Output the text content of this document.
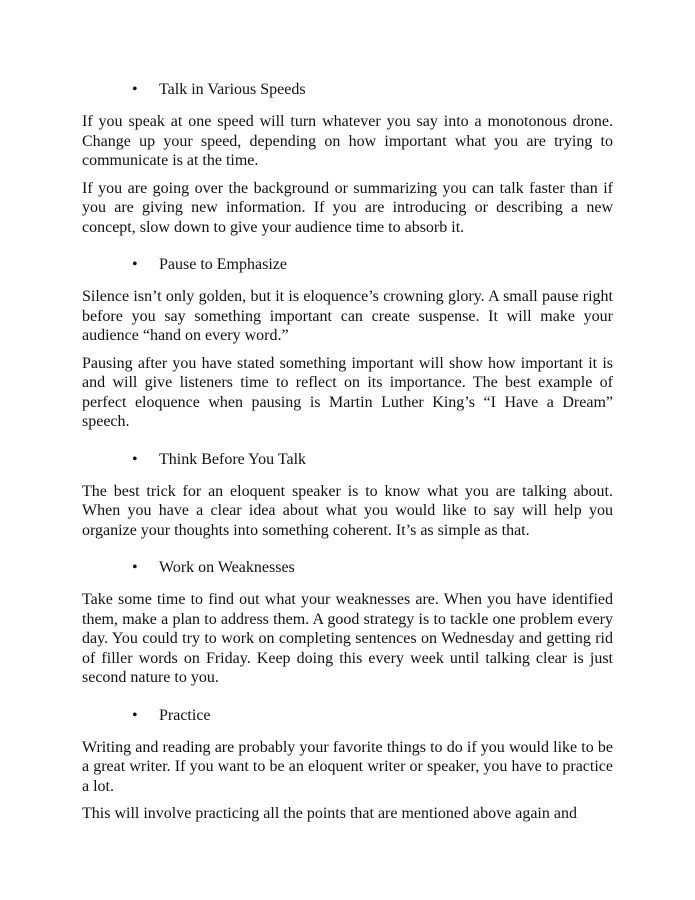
• Talk in Various Speeds

If you speak at one speed will turn whatever you say into a monotonous drone. Change up your speed, depending on how important what you are trying to communicate is at the time.

If you are going over the background or summarizing you can talk faster than if you are giving new information. If you are introducing or describing a new concept, slow down to give your audience time to absorb it.

• Pause to Emphasize

Silence isn’t only golden, but it is eloquence’s crowning glory. A small pause right before you say something important can create suspense. It will make your audience “hand on every word.”

Pausing after you have stated something important will show how important it is and will give listeners time to reflect on its importance. The best example of perfect eloquence when pausing is Martin Luther King’s “I Have a Dream” speech.

• Think Before You Talk

The best trick for an eloquent speaker is to know what you are talking about. When you have a clear idea about what you would like to say will help you organize your thoughts into something coherent. It’s as simple as that.

• Work on Weaknesses

Take some time to find out what your weaknesses are. When you have identified them, make a plan to address them. A good strategy is to tackle one problem every day. You could try to work on completing sentences on Wednesday and getting rid of filler words on Friday. Keep doing this every week until talking clear is just second nature to you.

• Practice

Writing and reading are probably your favorite things to do if you would like to be a great writer. If you want to be an eloquent writer or speaker, you have to practice a lot.

This will involve practicing all the points that are mentioned above again and
